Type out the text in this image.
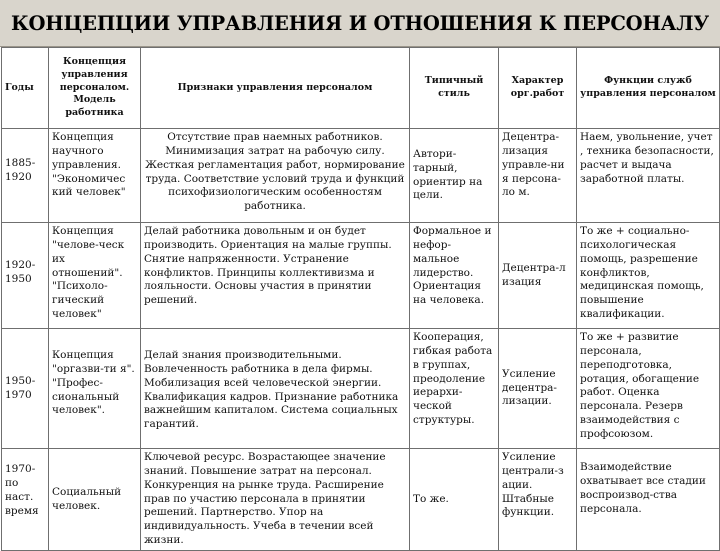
КОНЦЕПЦИИ УПРАВЛЕНИЯ И ОТНОШЕНИЯ К ПЕРСОНАЛУ
Годы	Концепция управления персоналом. Модель работника	Признаки управления персоналом	Типичный стиль	Характер орг.работ	Функции служб управления персоналом
1885-1920	Концепция научного управления. "Экономичес кий человек"	Отсутствие прав наемных работников. Минимизация затрат на рабочую силу. Жесткая регламентация работ, нормирование труда. Соответствие условий труда и функций психофизиологическим особенностям работника.	Автори-тарный, ориентир на цели.	Децентра-лизация управле-ни я персона-ло м.	Наем, увольнение, учет , техника безопасности, расчет и выдача заработной платы.
1920-1950	Концепция "челове-ческ их отношений". "Психоло-гический человек"	Делай работника довольным и он будет производить. Ориентация на малые группы. Снятие напряженности. Устранение конфликтов. Принципы коллективизма и лояльности. Основы участия в принятии решений.	Формальное и нефор-мальное лидерство. Ориентация на человека.	Децентра-л изация	То же + социально-психологическая помощь, разрешение конфликтов, медицинская помощь, повышение квалификации.
1950-1970	Концепция "оргазви-ти я". "Профес-сиональный человек".	Делай знания производительными. Вовлеченность работника в дела фирмы. Мобилизация всей человеческой энергии. Квалификация кадров. Признание работника важнейшим капиталом. Система социальных гарантий.	Кооперация, гибкая работа в группах, преодоление иерархи-ческой структуры.	Усиление децентра-лизации.	То же + развитие персонала, переподготовка, ротация, обогащение работ. Оценка персонала. Резерв взаимодействия с профсоюзом.
1970-по наст. время	Социальный человек.	Ключевой ресурс. Возрастающее значение знаний. Повышение затрат на персонал. Конкуренция на рынке труда. Расширение прав по участию персонала в принятии решений. Партнерство. Упор на индивидуальность. Учеба в течении всей жизни.	То же.	Усиление централи-з ации. Штабные функции.	Взаимодействие охватывает все стадии воспроизвод-ства персонала.
